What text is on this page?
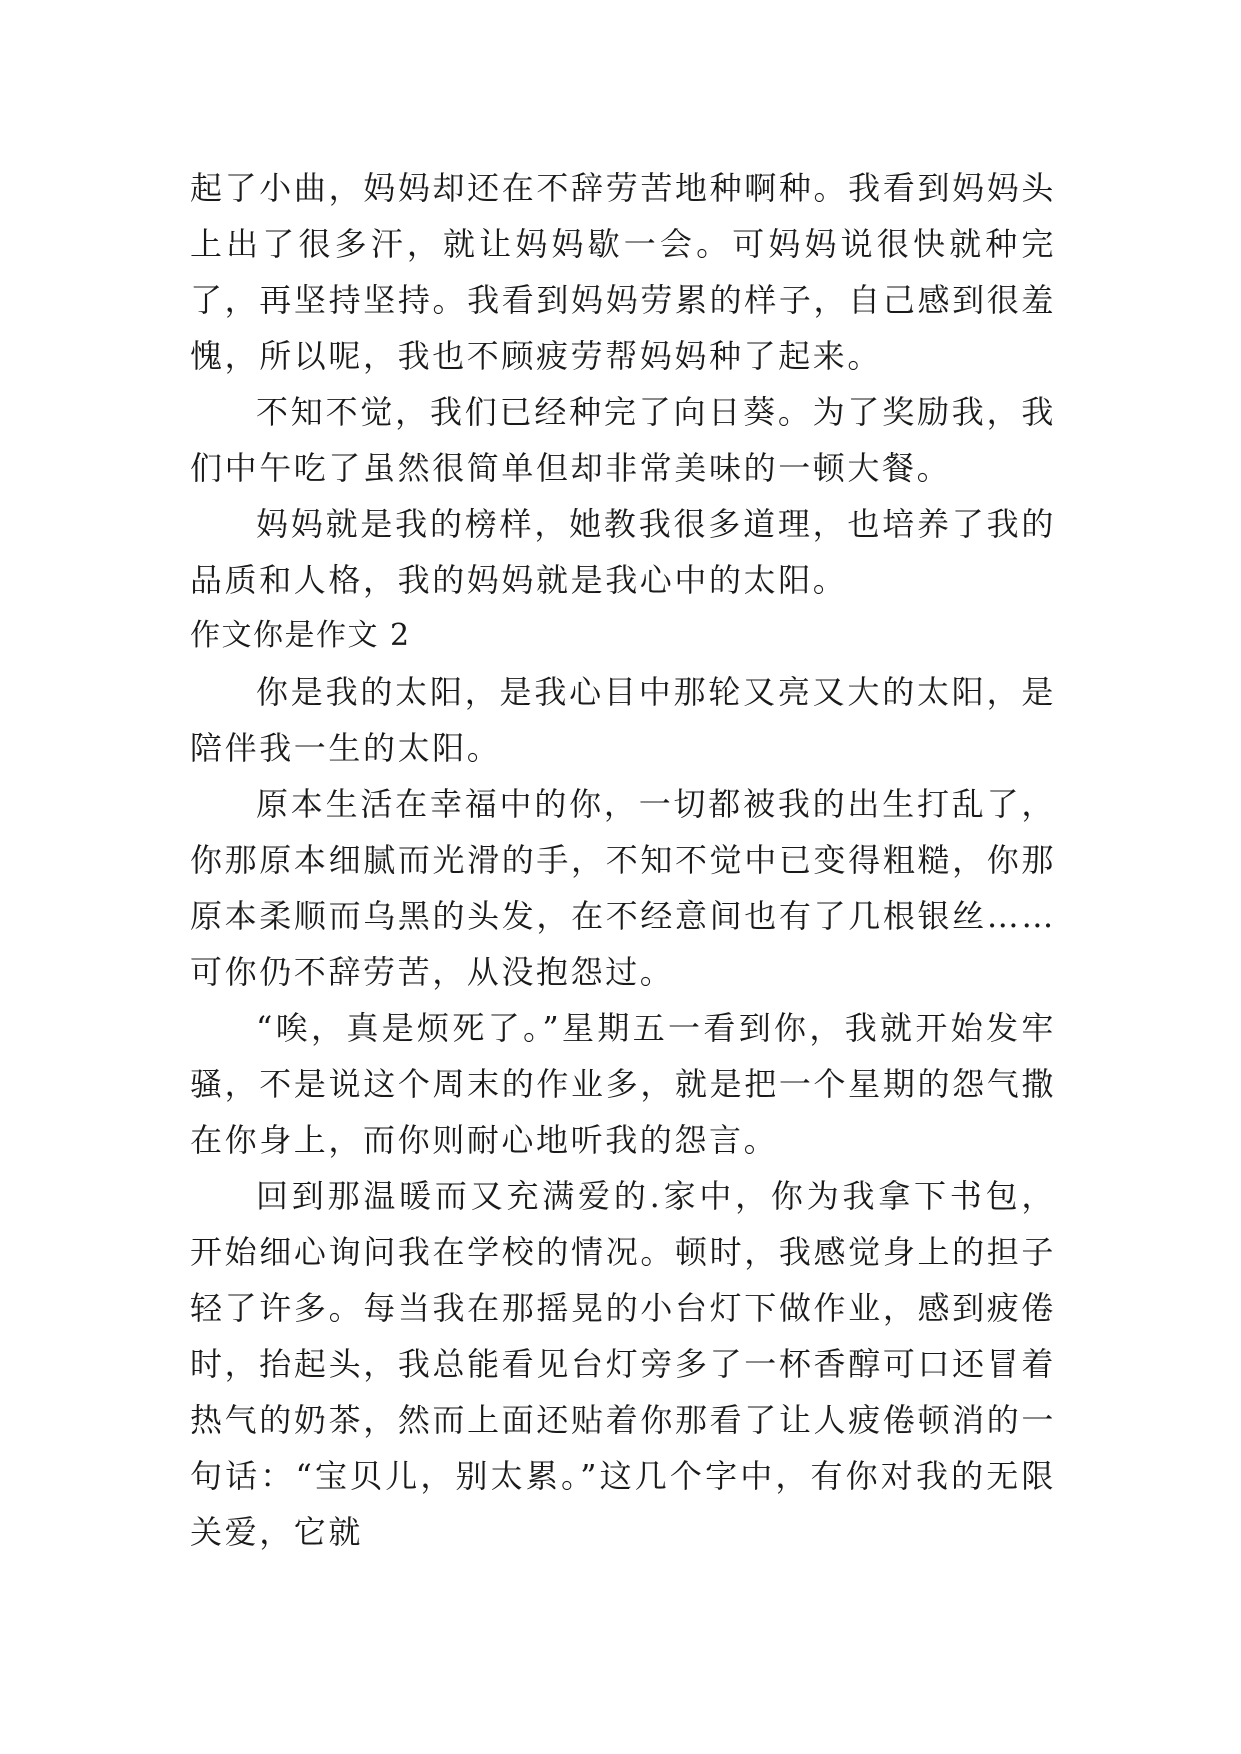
起了小曲，妈妈却还在不辞劳苦地种啊种。我看到妈妈头上出了很多汗，就让妈妈歇一会。可妈妈说很快就种完了，再坚持坚持。我看到妈妈劳累的样子，自己感到很羞愧，所以呢，我也不顾疲劳帮妈妈种了起来。

不知不觉，我们已经种完了向日葵。为了奖励我，我们中午吃了虽然很简单但却非常美味的一顿大餐。

妈妈就是我的榜样，她教我很多道理，也培养了我的品质和人格，我的妈妈就是我心中的太阳。

作文你是作文 2

你是我的太阳，是我心目中那轮又亮又大的太阳，是陪伴我一生的太阳。

原本生活在幸福中的你，一切都被我的出生打乱了，你那原本细腻而光滑的手，不知不觉中已变得粗糙，你那原本柔顺而乌黑的头发，在不经意间也有了几根银丝……可你仍不辞劳苦，从没抱怨过。

“唉，真是烦死了。”星期五一看到你，我就开始发牢骚，不是说这个周末的作业多，就是把一个星期的怨气撒在你身上，而你则耐心地听我的怨言。

回到那温暖而又充满爱的.家中，你为我拿下书包，开始细心询问我在学校的情况。顿时，我感觉身上的担子轻了许多。每当我在那摇晃的小台灯下做作业，感到疲倦时，抬起头，我总能看见台灯旁多了一杯香醇可口还冒着热气的奶茶，然而上面还贴着你那看了让人疲倦顿消的一句话：“宝贝儿，别太累。”这几个字中，有你对我的无限关爱，它就
